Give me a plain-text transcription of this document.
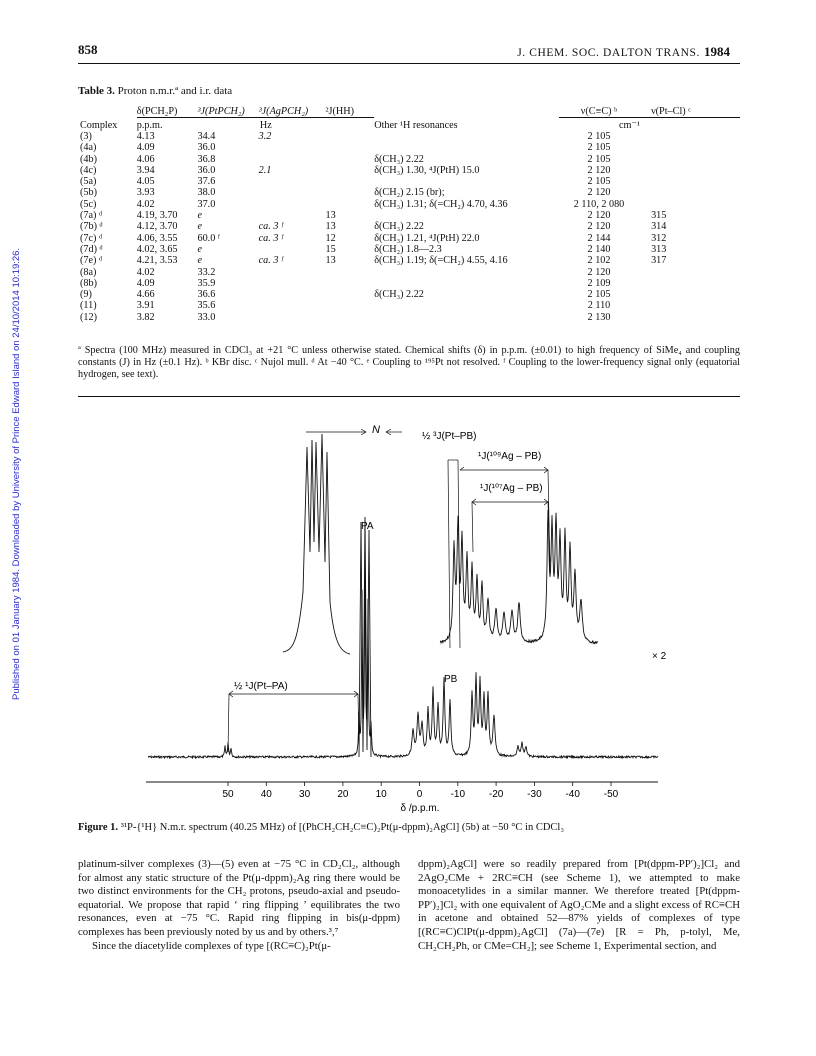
Published on 01 January 1984. Downloaded by University of Prince Edward Island on 24/10/2014 10:19:26.
858	J. CHEM. SOC. DALTON TRANS. 1984
Table 3. Proton n.m.r.ª and i.r. data
	δ(PCH₂P)	³J(PtPCH₂)	³J(AgPCH₂)	²J(HH)		ν(C≡C) ᵇ	ν(Pt–Cl) ᶜ
Complex	p.p.m.	Hz			Other ¹H resonances	cm⁻¹	
(3)	4.13	34.4	3.2			2 105	
(4a)	4.09	36.0				2 105	
(4b)	4.06	36.8			δ(CH₃) 2.22	2 105	
(4c)	3.94	36.0	2.1		δ(CH₃) 1.30, ⁴J(PtH) 15.0	2 120	
(5a)	4.05	37.6				2 105	
(5b)	3.93	38.0			δ(CH₂) 2.15 (br);	2 120	
(5c)	4.02	37.0			δ(CH₃) 1.31; δ(=CH₂) 4.70, 4.36	2 110, 2 080	
(7a) ᵈ	4.19, 3.70	e		13		2 120	315
(7b) ᵈ	4.12, 3.70	e	ca. 3 ᶠ	13	δ(CH₃) 2.22	2 120	314
(7c) ᵈ	4.06, 3.55	60.0 ᶠ	ca. 3 ᶠ	12	δ(CH₃) 1.21, ⁴J(PtH) 22.0	2 144	312
(7d) ᵈ	4.02, 3.65	e		15	δ(CH₂) 1.8—2.3	2 140	313
(7e) ᵈ	4.21, 3.53	e	ca. 3 ᶠ	13	δ(CH₃) 1.19; δ(=CH₂) 4.55, 4.16	2 102	317
(8a)	4.02	33.2				2 120	
(8b)	4.09	35.9				2 109	
(9)	4.66	36.6			δ(CH₃) 2.22	2 105	
(11)	3.91	35.6				2 110	
(12)	3.82	33.0				2 130	
ª Spectra (100 MHz) measured in CDCl₃ at +21 °C unless otherwise stated. Chemical shifts (δ) in p.p.m. (±0.01) to high frequency of SiMe₄ and coupling constants (J) in Hz (±0.1 Hz). ᵇ KBr disc. ᶜ Nujol mull. ᵈ At −40 °C. ᵉ Coupling to ¹⁹⁵Pt not resolved. ᶠ Coupling to the lower-frequency signal only (equatorial hydrogen, see text).
N
PA
PB
½ ³J(Pt–PB)
¹J(¹⁰⁹Ag – PB)
¹J(¹⁰⁷Ag – PB)
½ ¹J(Pt–PA)
× 2
50	40	30	20	10	0	-10 -20 -30 -40 -50
δ /p.p.m.
Figure 1. ³¹P-{¹H} N.m.r. spectrum (40.25 MHz) of [(PhCH₂CH₂C≡C)₂Pt(μ-dppm)₂AgCl] (5b) at −50 °C in CDCl₃

platinum-silver complexes (3)—(5) even at −75 °C in CD₂Cl₂, although for almost any static structure of the Pt(μ-dppm)₂Ag ring there would be two distinct environments for the CH₂ protons, pseudo-axial and pseudo-equatorial. We propose that rapid ‘ ring flipping ’ equilibrates the two resonances, even at −75 °C. Rapid ring flipping in bis(μ-dppm) complexes has been previously noted by us and by others.³,⁷

Since the diacetylide complexes of type [(RC≡C)₂Pt(μ-

dppm)₂AgCl] were so readily prepared from [Pt(dppm-PP′)₂]Cl₂ and 2AgO₂CMe + 2RC≡CH (see Scheme 1), we attempted to make monoacetylides in a similar manner. We therefore treated [Pt(dppm-PP′)₂]Cl₂ with one equivalent of AgO₂CMe and a slight excess of RC≡CH in acetone and obtained 52—87% yields of complexes of type [(RC≡C)ClPt(μ-dppm)₂AgCl] (7a)—(7e) [R = Ph, p-tolyl, Me, CH₂CH₂Ph, or CMe=CH₂]; see Scheme 1, Experimental section, and
